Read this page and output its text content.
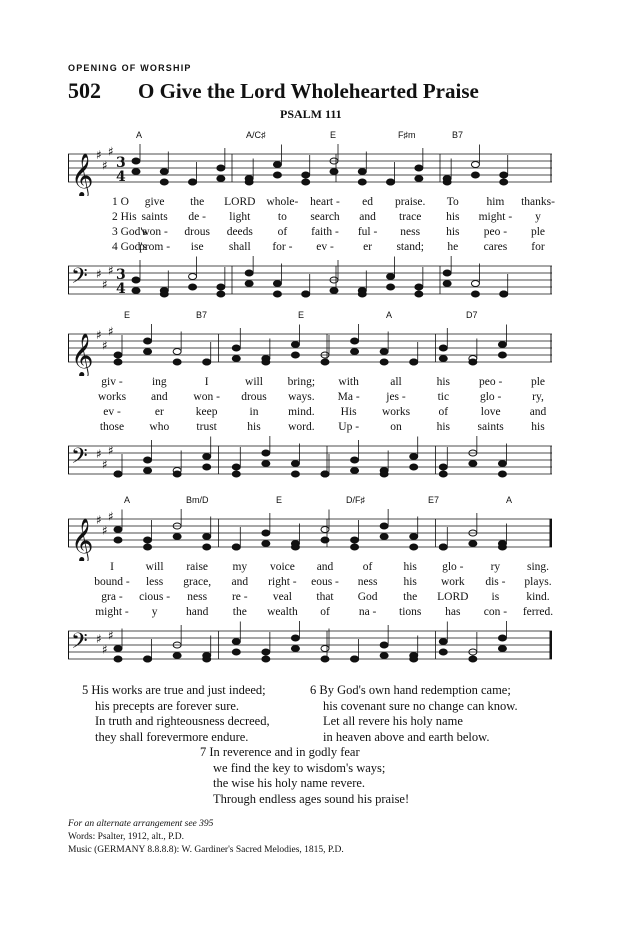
OPENING OF WORSHIP
502 O Give the Lord Wholehearted Praise
PSALM 111
A	A/C♯	E	F♯m	B7
𝄞 ♯
♯
♯
3
4
1 O give the LORD whole- heart - ed praise. To him thanks-
2 His saints de - light to search and trace his might - y
3 God's
won - drous deeds of faith - ful - ness his peo - ple
4 God's
prom - ise shall for - ev -	er stand; he cares for
𝄢 ♯
♯
♯ 3
4
E	B7	E	A	D7
𝄞 ♯
♯
♯
giv -	ing	I	will bring; with	all	his	peo - ple
works and won - drous ways. Ma - jes -	tic	glo -	ry,
ev -	er	keep	in	mind. His works of	love	and
those who trust	his word. Up -	on	his saints his
𝄢 ♯
♯
♯
A	Bm/D	E	D/F♯	E7	A
𝄞 ♯
♯
♯
I	will raise my voice and	of	his glo - ry sing.
bound - less grace, and right - eous - ness his work dis - plays.
gra - cious - ness re - veal that God the LORD is kind.
might - y hand the wealth of	na - tions has con - ferred.
𝄢 ♯
♯
♯
5 His works are true and just indeed;
his precepts are forever sure.
In truth and righteousness decreed,
they shall forevermore endure.
6 By God's own hand redemption came;
his covenant sure no change can know.
Let all revere his holy name
in heaven above and earth below.
7 In reverence and in godly fear
we find the key to wisdom's ways;
the wise his holy name revere.
Through endless ages sound his praise!
For an alternate arrangement see 395
Words: Psalter, 1912, alt., P.D.
Music (GERMANY 8.8.8.8): W. Gardiner's Sacred Melodies, 1815, P.D.
